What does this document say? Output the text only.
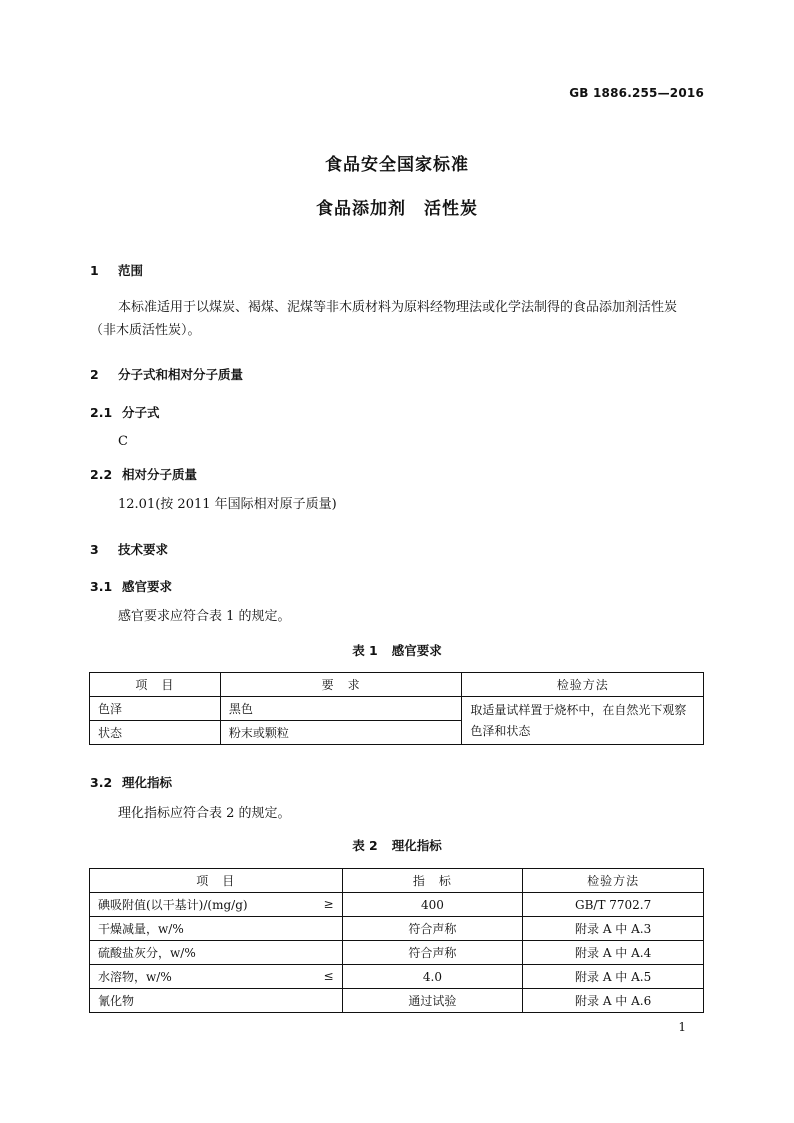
GB 1886.255—2016
食品安全国家标准
食品添加剂　活性炭
1 范围
本标准适用于以煤炭、褐煤、泥煤等非木质材料为原料经物理法或化学法制得的食品添加剂活性炭
（非木质活性炭）。
2 分子式和相对分子质量
2.1 分子式
C
2.2 相对分子质量
12.01(按 2011 年国际相对原子质量)
3 技术要求
3.1 感官要求
感官要求应符合表 1 的规定。
表 1 感官要求
项　目	要　求	检验方法
色泽	黑色	取适量试样置于烧杯中，在自然光下观察色泽和状态
状态	粉末或颗粒	
3.2 理化指标
理化指标应符合表 2 的规定。
表 2 理化指标
项　目	指　标	检验方法
碘吸附值(以干基计)/(mg/g) ≥	400	GB/T 7702.7
干燥减量，w/%	符合声称	附录 A 中 A.3
硫酸盐灰分，w/%	符合声称	附录 A 中 A.4
水溶物，w/% ≤	4.0	附录 A 中 A.5
氰化物	通过试验	附录 A 中 A.6
1
